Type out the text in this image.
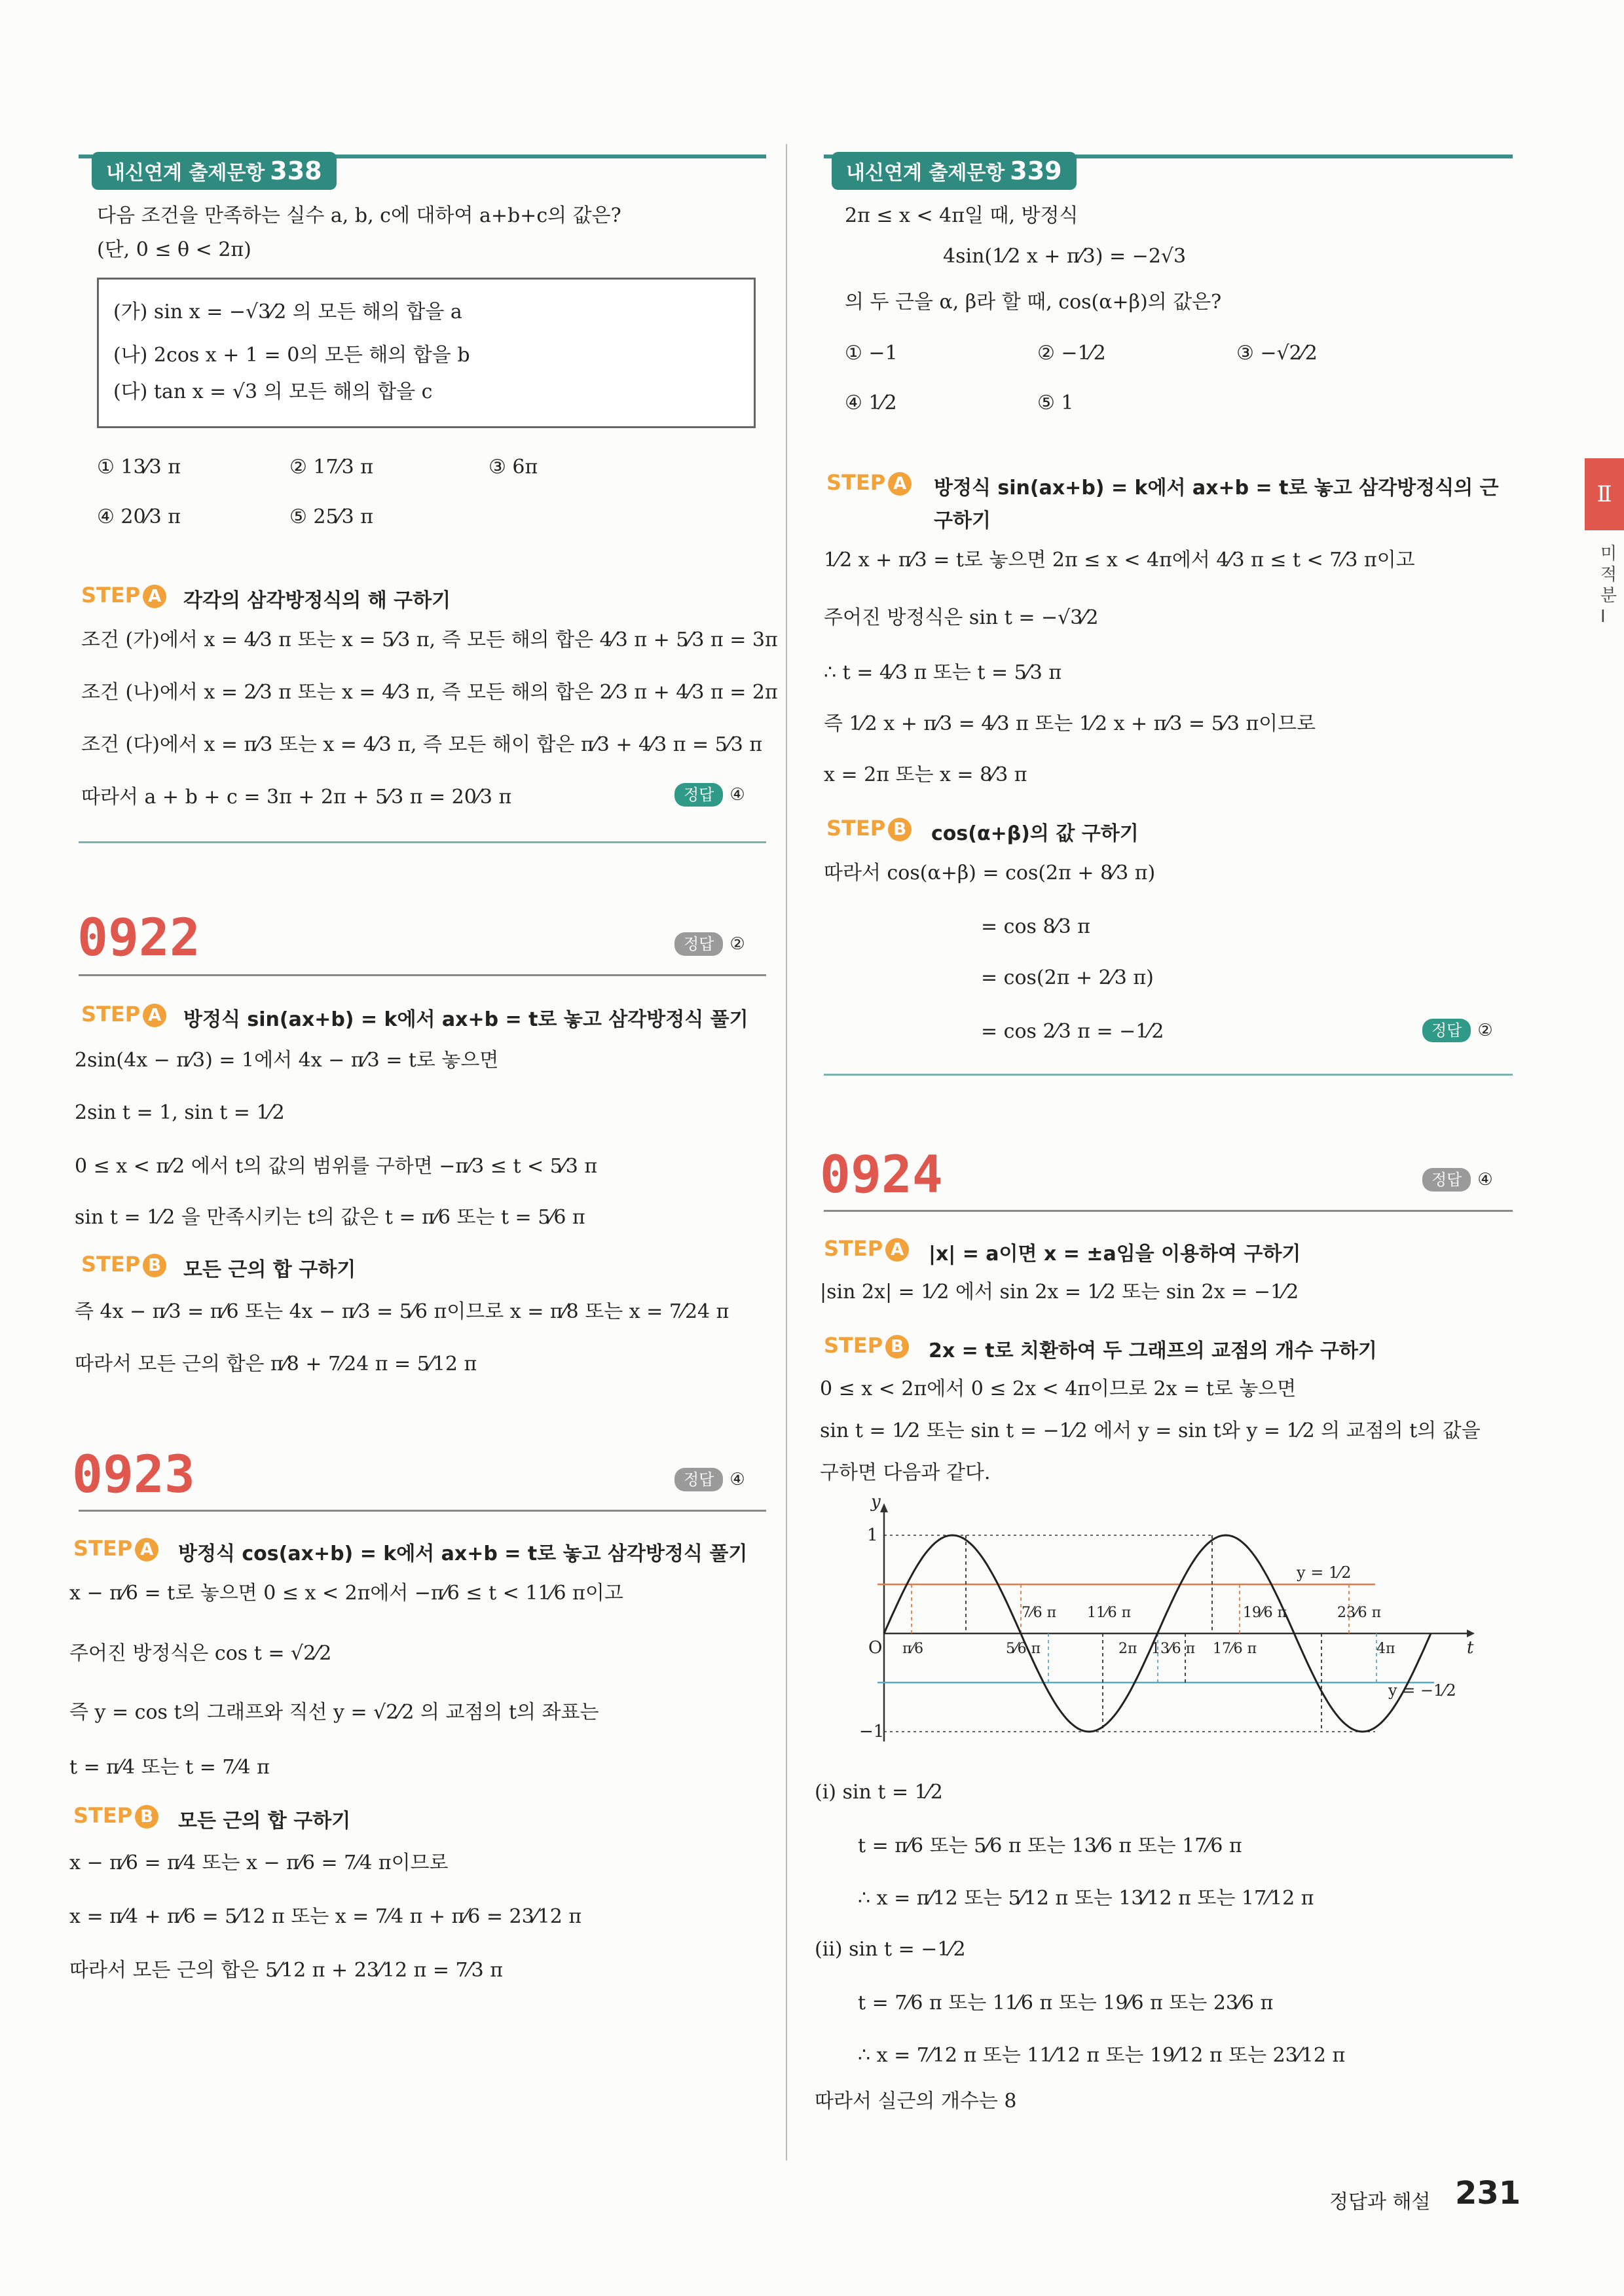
내신연계 출제문항 338
다음 조건을 만족하는 실수 a, b, c에 대하여 a+b+c의 값은?
(단, 0 ≤ θ < 2π)
(가) sin x = −√3⁄2 의 모든 해의 합을 a
(나) 2cos x + 1 = 0의 모든 해의 합을 b
(다) tan x = √3 의 모든 해의 합을 c
① 13⁄3 π	② 17⁄3 π	③ 6π
④ 20⁄3 π	⑤ 25⁄3 π
STEP A 각각의 삼각방정식의 해 구하기
조건 (가)에서 x = 4⁄3 π 또는 x = 5⁄3 π, 즉 모든 해의 합은 4⁄3 π + 5⁄3 π = 3π
조건 (나)에서 x = 2⁄3 π 또는 x = 4⁄3 π, 즉 모든 해의 합은 2⁄3 π + 4⁄3 π = 2π
조건 (다)에서 x = π⁄3 또는 x = 4⁄3 π, 즉 모든 해이 합은 π⁄3 + 4⁄3 π = 5⁄3 π
따라서 a + b + c = 3π + 2π + 5⁄3 π = 20⁄3 π	정답 ④
0922	정답 ②
STEP A 방정식 sin(ax+b) = k에서 ax+b = t로 놓고 삼각방정식 풀기
2sin(4x − π⁄3) = 1에서 4x − π⁄3 = t로 놓으면
2sin t = 1, sin t = 1⁄2
0 ≤ x < π⁄2 에서 t의 값의 범위를 구하면 −π⁄3 ≤ t < 5⁄3 π
sin t = 1⁄2 을 만족시키는 t의 값은 t = π⁄6 또는 t = 5⁄6 π
STEP B 모든 근의 합 구하기
즉 4x − π⁄3 = π⁄6 또는 4x − π⁄3 = 5⁄6 π이므로 x = π⁄8 또는 x = 7⁄24 π
따라서 모든 근의 합은 π⁄8 + 7⁄24 π = 5⁄12 π
0923	정답 ④
STEP A 방정식 cos(ax+b) = k에서 ax+b = t로 놓고 삼각방정식 풀기
x − π⁄6 = t로 놓으면 0 ≤ x < 2π에서 −π⁄6 ≤ t < 11⁄6 π이고
주어진 방정식은 cos t = √2⁄2
즉 y = cos t의 그래프와 직선 y = √2⁄2 의 교점의 t의 좌표는
t = π⁄4 또는 t = 7⁄4 π
STEP B 모든 근의 합 구하기
x − π⁄6 = π⁄4 또는 x − π⁄6 = 7⁄4 π이므로
x = π⁄4 + π⁄6 = 5⁄12 π 또는 x = 7⁄4 π + π⁄6 = 23⁄12 π
따라서 모든 근의 합은 5⁄12 π + 23⁄12 π = 7⁄3 π
내신연계 출제문항 339
2π ≤ x < 4π일 때, 방정식
4sin(1⁄2 x + π⁄3) = −2√3
의 두 근을 α, β라 할 때, cos(α+β)의 값은?
① −1	② −1⁄2	③ −√2⁄2
④ 1⁄2	⑤ 1
STEP A 방정식 sin(ax+b) = k에서 ax+b = t로 놓고 삼각방정식의 근
구하기
1⁄2 x + π⁄3 = t로 놓으면 2π ≤ x < 4π에서 4⁄3 π ≤ t < 7⁄3 π이고
주어진 방정식은 sin t = −√3⁄2
∴ t = 4⁄3 π 또는 t = 5⁄3 π
즉 1⁄2 x + π⁄3 = 4⁄3 π 또는 1⁄2 x + π⁄3 = 5⁄3 π이므로
x = 2π 또는 x = 8⁄3 π
STEP B cos(α+β)의 값 구하기
따라서 cos(α+β) = cos(2π + 8⁄3 π)
= cos 8⁄3 π
= cos(2π + 2⁄3 π)
= cos 2⁄3 π = −1⁄2	정답 ②
0924	정답 ④
STEP A |x| = a이면 x = ±a임을 이용하여 구하기
|sin 2x| = 1⁄2 에서 sin 2x = 1⁄2 또는 sin 2x = −1⁄2
STEP B 2x = t로 치환하여 두 그래프의 교점의 개수 구하기
0 ≤ x < 2π에서 0 ≤ 2x < 4π이므로 2x = t로 놓으면
sin t = 1⁄2 또는 sin t = −1⁄2 에서 y = sin t와 y = 1⁄2 의 교점의 t의 값을
구하면 다음과 같다.
y
t
O
1
−1
y = 1⁄2
y = −1⁄2
π⁄6	5⁄6 π
7⁄6 π 11⁄6 π
2π 13⁄6 π 17⁄6 π
19⁄6 π	23⁄6 π
4π
(ⅰ) sin t = 1⁄2
t = π⁄6 또는 5⁄6 π 또는 13⁄6 π 또는 17⁄6 π
∴ x = π⁄12 또는 5⁄12 π 또는 13⁄12 π 또는 17⁄12 π
(ⅱ) sin t = −1⁄2
t = 7⁄6 π 또는 11⁄6 π 또는 19⁄6 π 또는 23⁄6 π
∴ x = 7⁄12 π 또는 11⁄12 π 또는 19⁄12 π 또는 23⁄12 π
따라서 실근의 개수는 8
Ⅱ
미 적 분 Ⅰ
정답과 해설 231
